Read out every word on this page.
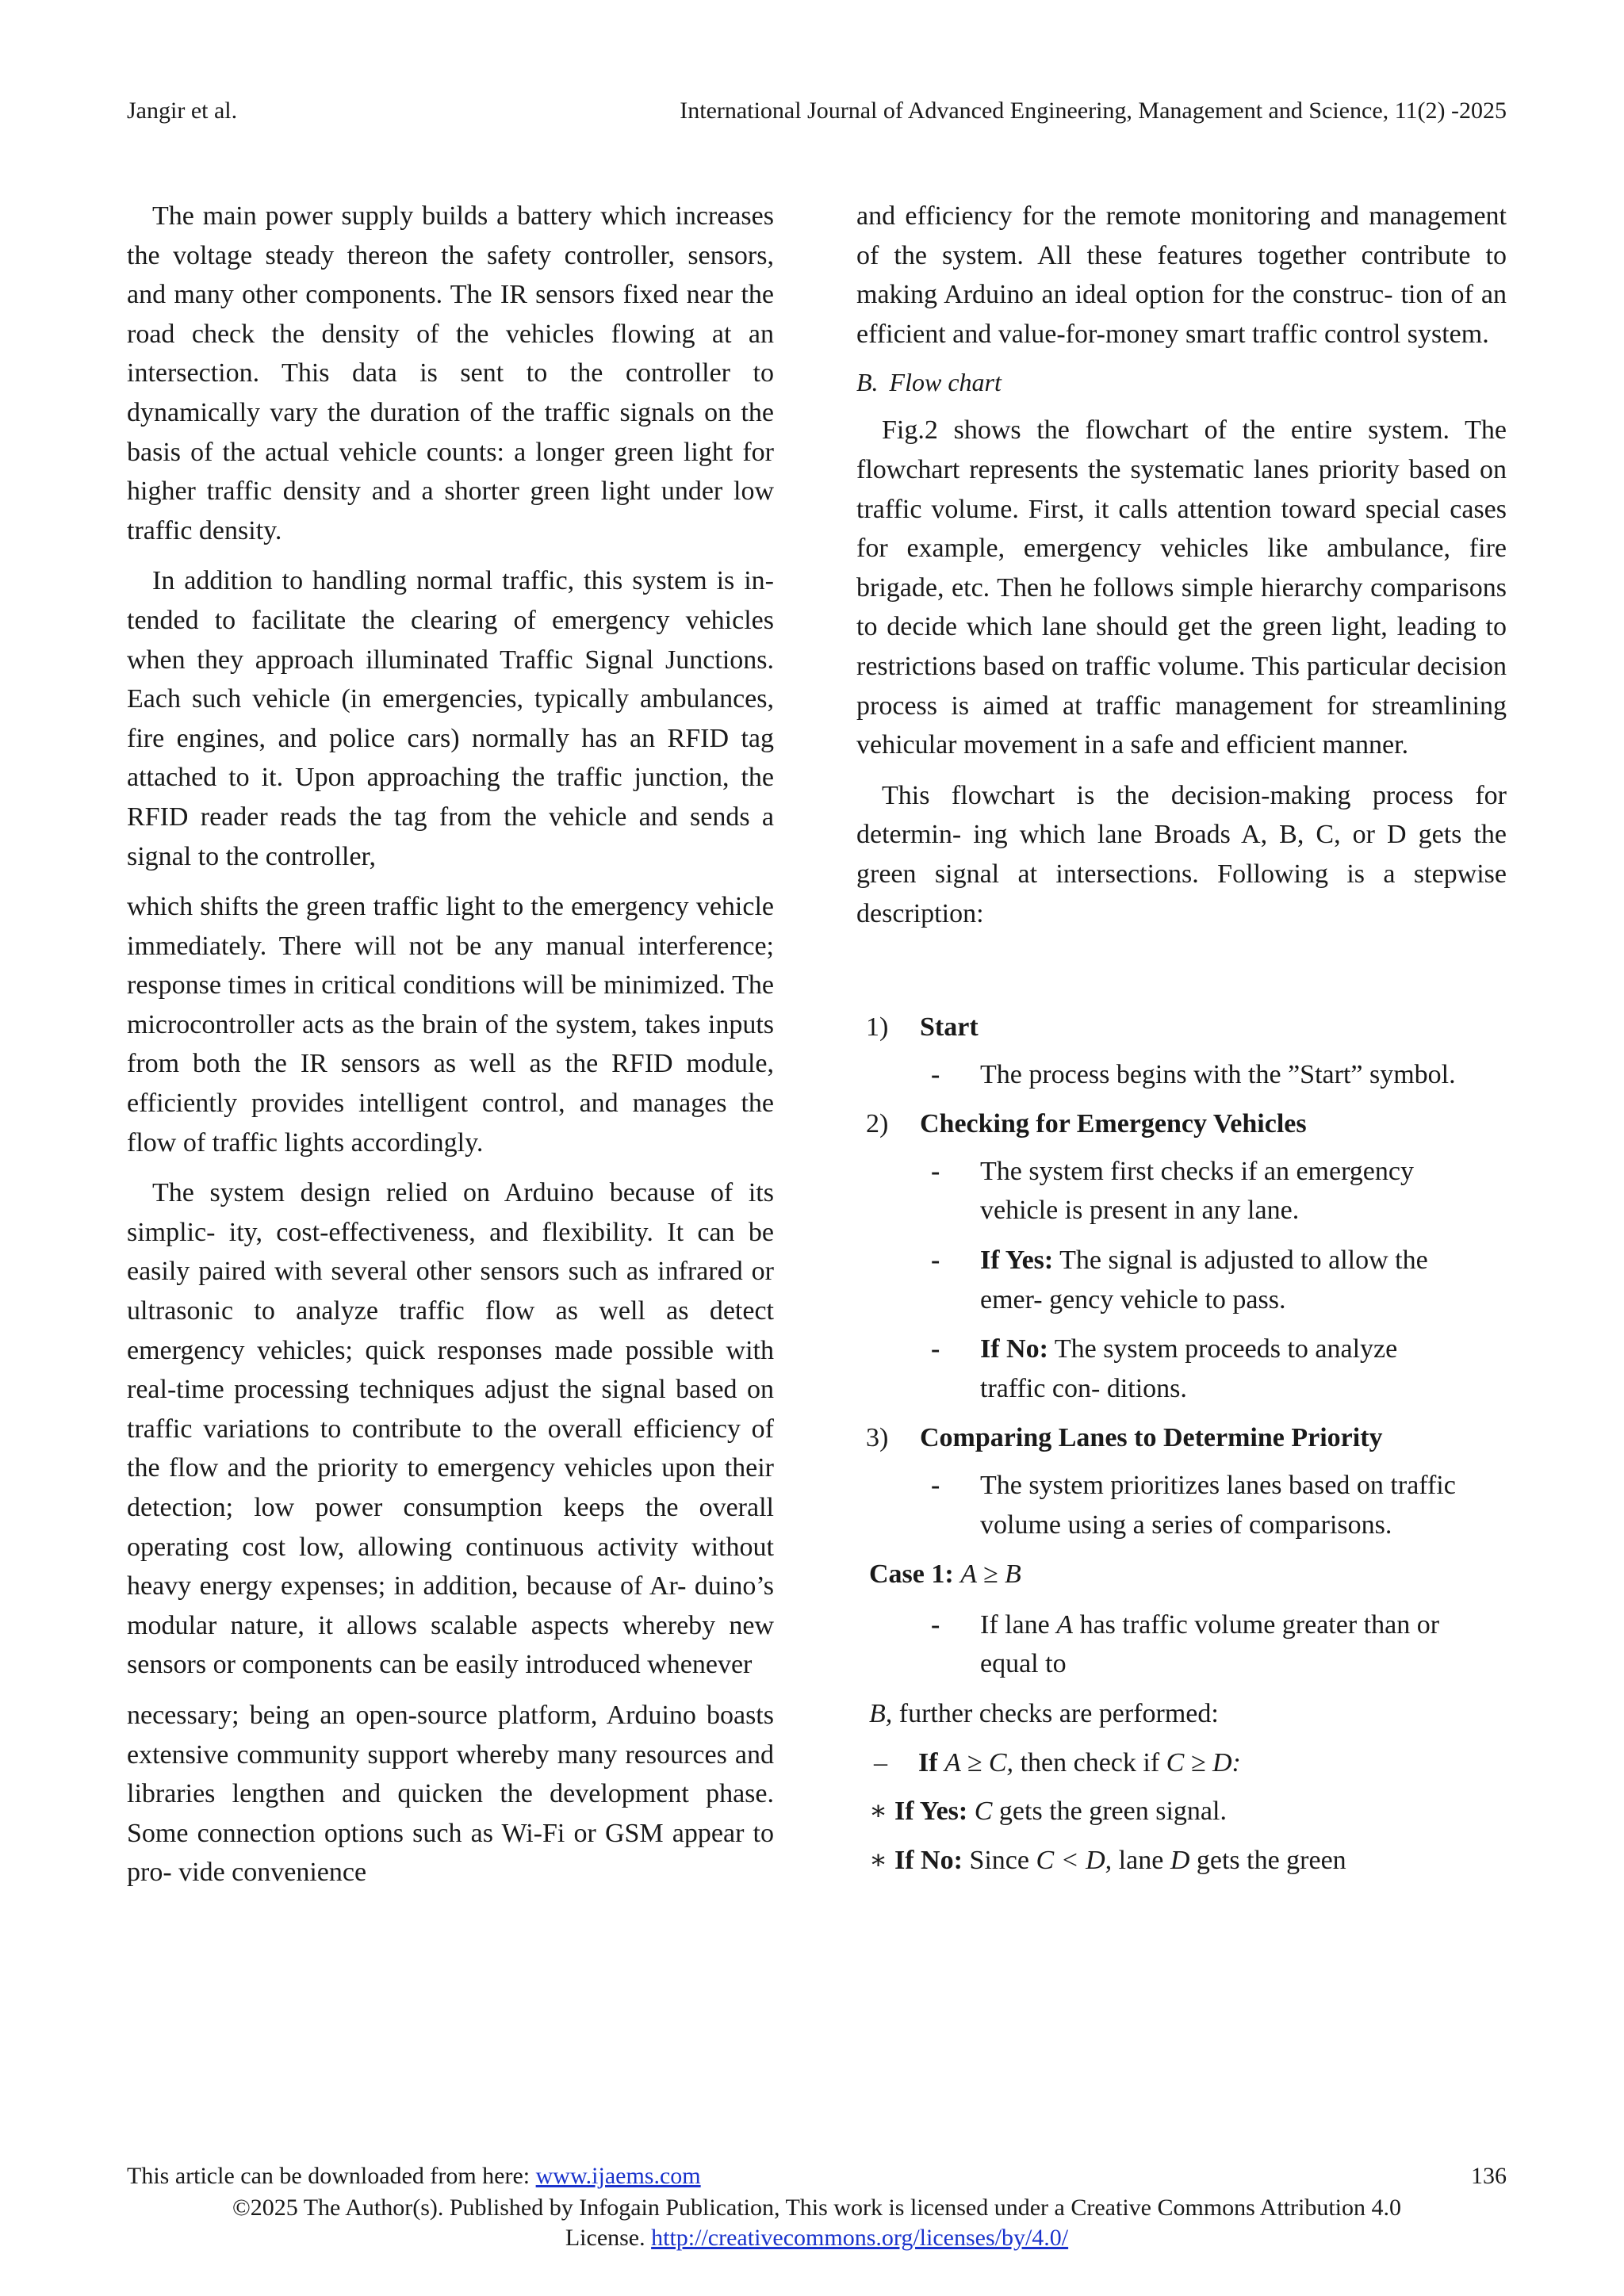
Jangir et al.	International Journal of Advanced Engineering, Management and Science, 11(2) -2025

The main power supply builds a battery which increases the voltage steady thereon the safety controller, sensors, and many other components. The IR sensors fixed near the road check the density of the vehicles flowing at an intersection. This data is sent to the controller to dynamically vary the duration of the traffic signals on the basis of the actual vehicle counts: a longer green light for higher traffic density and a shorter green light under low traffic density.

In addition to handling normal traffic, this system is in- tended to facilitate the clearing of emergency vehicles when they approach illuminated Traffic Signal Junctions. Each such vehicle (in emergencies, typically ambulances, fire engines, and police cars) normally has an RFID tag attached to it. Upon approaching the traffic junction, the RFID reader reads the tag from the vehicle and sends a signal to the controller,

which shifts the green traffic light to the emergency vehicle immediately. There will not be any manual interference; response times in critical conditions will be minimized. The microcontroller acts as the brain of the system, takes inputs from both the IR sensors as well as the RFID module, efficiently provides intelligent control, and manages the flow of traffic lights accordingly.

The system design relied on Arduino because of its simplic- ity, cost-effectiveness, and flexibility. It can be easily paired with several other sensors such as infrared or ultrasonic to analyze traffic flow as well as detect emergency vehicles; quick responses made possible with real-time processing techniques adjust the signal based on traffic variations to contribute to the overall efficiency of the flow and the priority to emergency vehicles upon their detection; low power consumption keeps the overall operating cost low, allowing continuous activity without heavy energy expenses; in addition, because of Ar- duino’s modular nature, it allows scalable aspects whereby new sensors or components can be easily introduced whenever

necessary; being an open-source platform, Arduino boasts extensive community support whereby many resources and libraries lengthen and quicken the development phase. Some connection options such as Wi-Fi or GSM appear to pro- vide convenience

and efficiency for the remote monitoring and management of the system. All these features together contribute to making Arduino an ideal option for the construc- tion of an efficient and value-for-money smart traffic control system.

B. Flow chart

Fig.2 shows the flowchart of the entire system. The flowchart represents the systematic lanes priority based on traffic volume. First, it calls attention toward special cases for example, emergency vehicles like ambulance, fire brigade, etc. Then he follows simple hierarchy comparisons to decide which lane should get the green light, leading to restrictions based on traffic volume. This particular decision process is aimed at traffic management for streamlining vehicular movement in a safe and efficient manner.

This flowchart is the decision-making process for determin- ing which lane Broads A, B, C, or D gets the green signal at intersections. Following is a stepwise description:

1) Start
- The process begins with the ”Start” symbol.
2) Checking for Emergency Vehicles
- The system first checks if an emergency vehicle is present in any lane.
- If Yes: The signal is adjusted to allow the emer- gency vehicle to pass.
- If No: The system proceeds to analyze traffic con- ditions.
3) Comparing Lanes to Determine Priority
- The system prioritizes lanes based on traffic volume using a series of comparisons.
Case 1: A ≥ B
- If lane A has traffic volume greater than or equal to
B, further checks are performed:
– If A ≥ C, then check if C ≥ D:
∗ If Yes: C gets the green signal.
∗ If No: Since C < D, lane D gets the green
This article can be downloaded from here: www.ijaems.com	136
©2025 The Author(s). Published by Infogain Publication, This work is licensed under a Creative Commons Attribution 4.0
License. http://creativecommons.org/licenses/by/4.0/
